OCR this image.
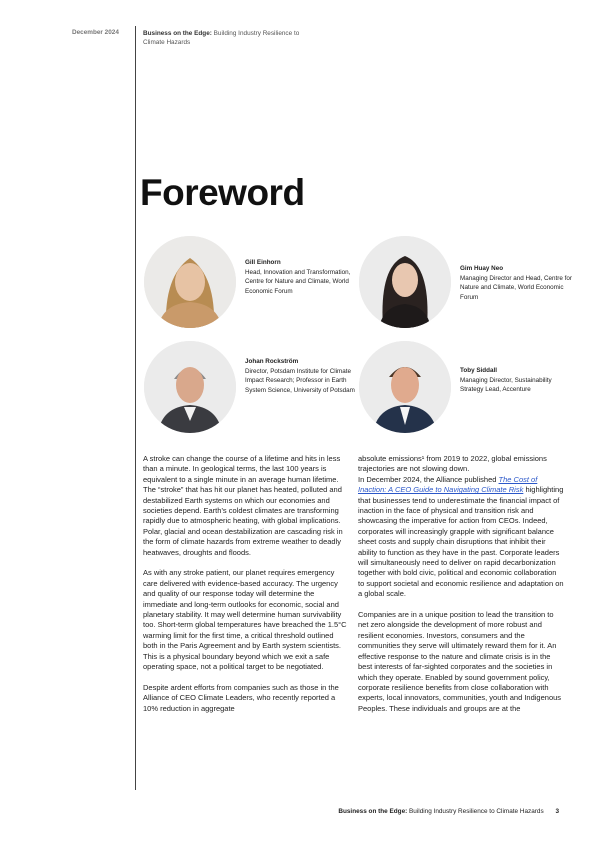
December 2024	Business on the Edge: Building Industry Resilience to Climate Hazards
Foreword
Gill Einhorn
Head, Innovation and Transformation, Centre for Nature and Climate, World Economic Forum
Gim Huay Neo
Managing Director and Head, Centre for Nature and Climate, World Economic Forum
Johan Rockström
Director, Potsdam Institute for Climate Impact Research; Professor in Earth System Science, University of Potsdam
Toby Siddall
Managing Director, Sustainability Strategy Lead, Accenture

A stroke can change the course of a lifetime and hits in less than a minute. In geological terms, the last 100 years is equivalent to a single minute in an average human lifetime. The “stroke” that has hit our planet has heated, polluted and destabilized Earth systems on which our economies and societies depend. Earth’s coldest climates are transforming rapidly due to atmospheric heating, with global implications. Polar, glacial and ocean destabilization are cascading risk in the form of climate hazards from extreme weather to deadly heatwaves, droughts and floods.

As with any stroke patient, our planet requires emergency care delivered with evidence-based accuracy. The urgency and quality of our response today will determine the immediate and long-term outlooks for economic, social and planetary stability. It may well determine human survivability too. Short-term global temperatures have breached the 1.5°C warming limit for the first time, a critical threshold outlined both in the Paris Agreement and by Earth system scientists. This is a physical boundary beyond which we exit a safe operating space, not a political target to be negotiated.

Despite ardent efforts from companies such as those in the Alliance of CEO Climate Leaders, who recently reported a 10% reduction in aggregate

absolute emissions¹ from 2019 to 2022, global emissions trajectories are not slowing down.
In December 2024, the Alliance published The Cost of Inaction: A CEO Guide to Navigating Climate Risk highlighting that businesses tend to underestimate the financial impact of inaction in the face of physical and transition risk and showcasing the imperative for action from CEOs. Indeed, corporates will increasingly grapple with significant balance sheet costs and supply chain disruptions that inhibit their ability to function as they have in the past. Corporate leaders will simultaneously need to deliver on rapid decarbonization together with bold civic, political and economic collaboration to support societal and economic resilience and adaptation on a global scale.

Companies are in a unique position to lead the transition to net zero alongside the development of more robust and resilient economies. Investors, consumers and the communities they serve will ultimately reward them for it. An effective response to the nature and climate crisis is in the best interests of far-sighted corporates and the societies in which they operate. Enabled by sound government policy, corporate resilience benefits from close collaboration with experts, local innovators, communities, youth and Indigenous Peoples. These individuals and groups are at the

Business on the Edge: Building Industry Resilience to Climate Hazards 3
